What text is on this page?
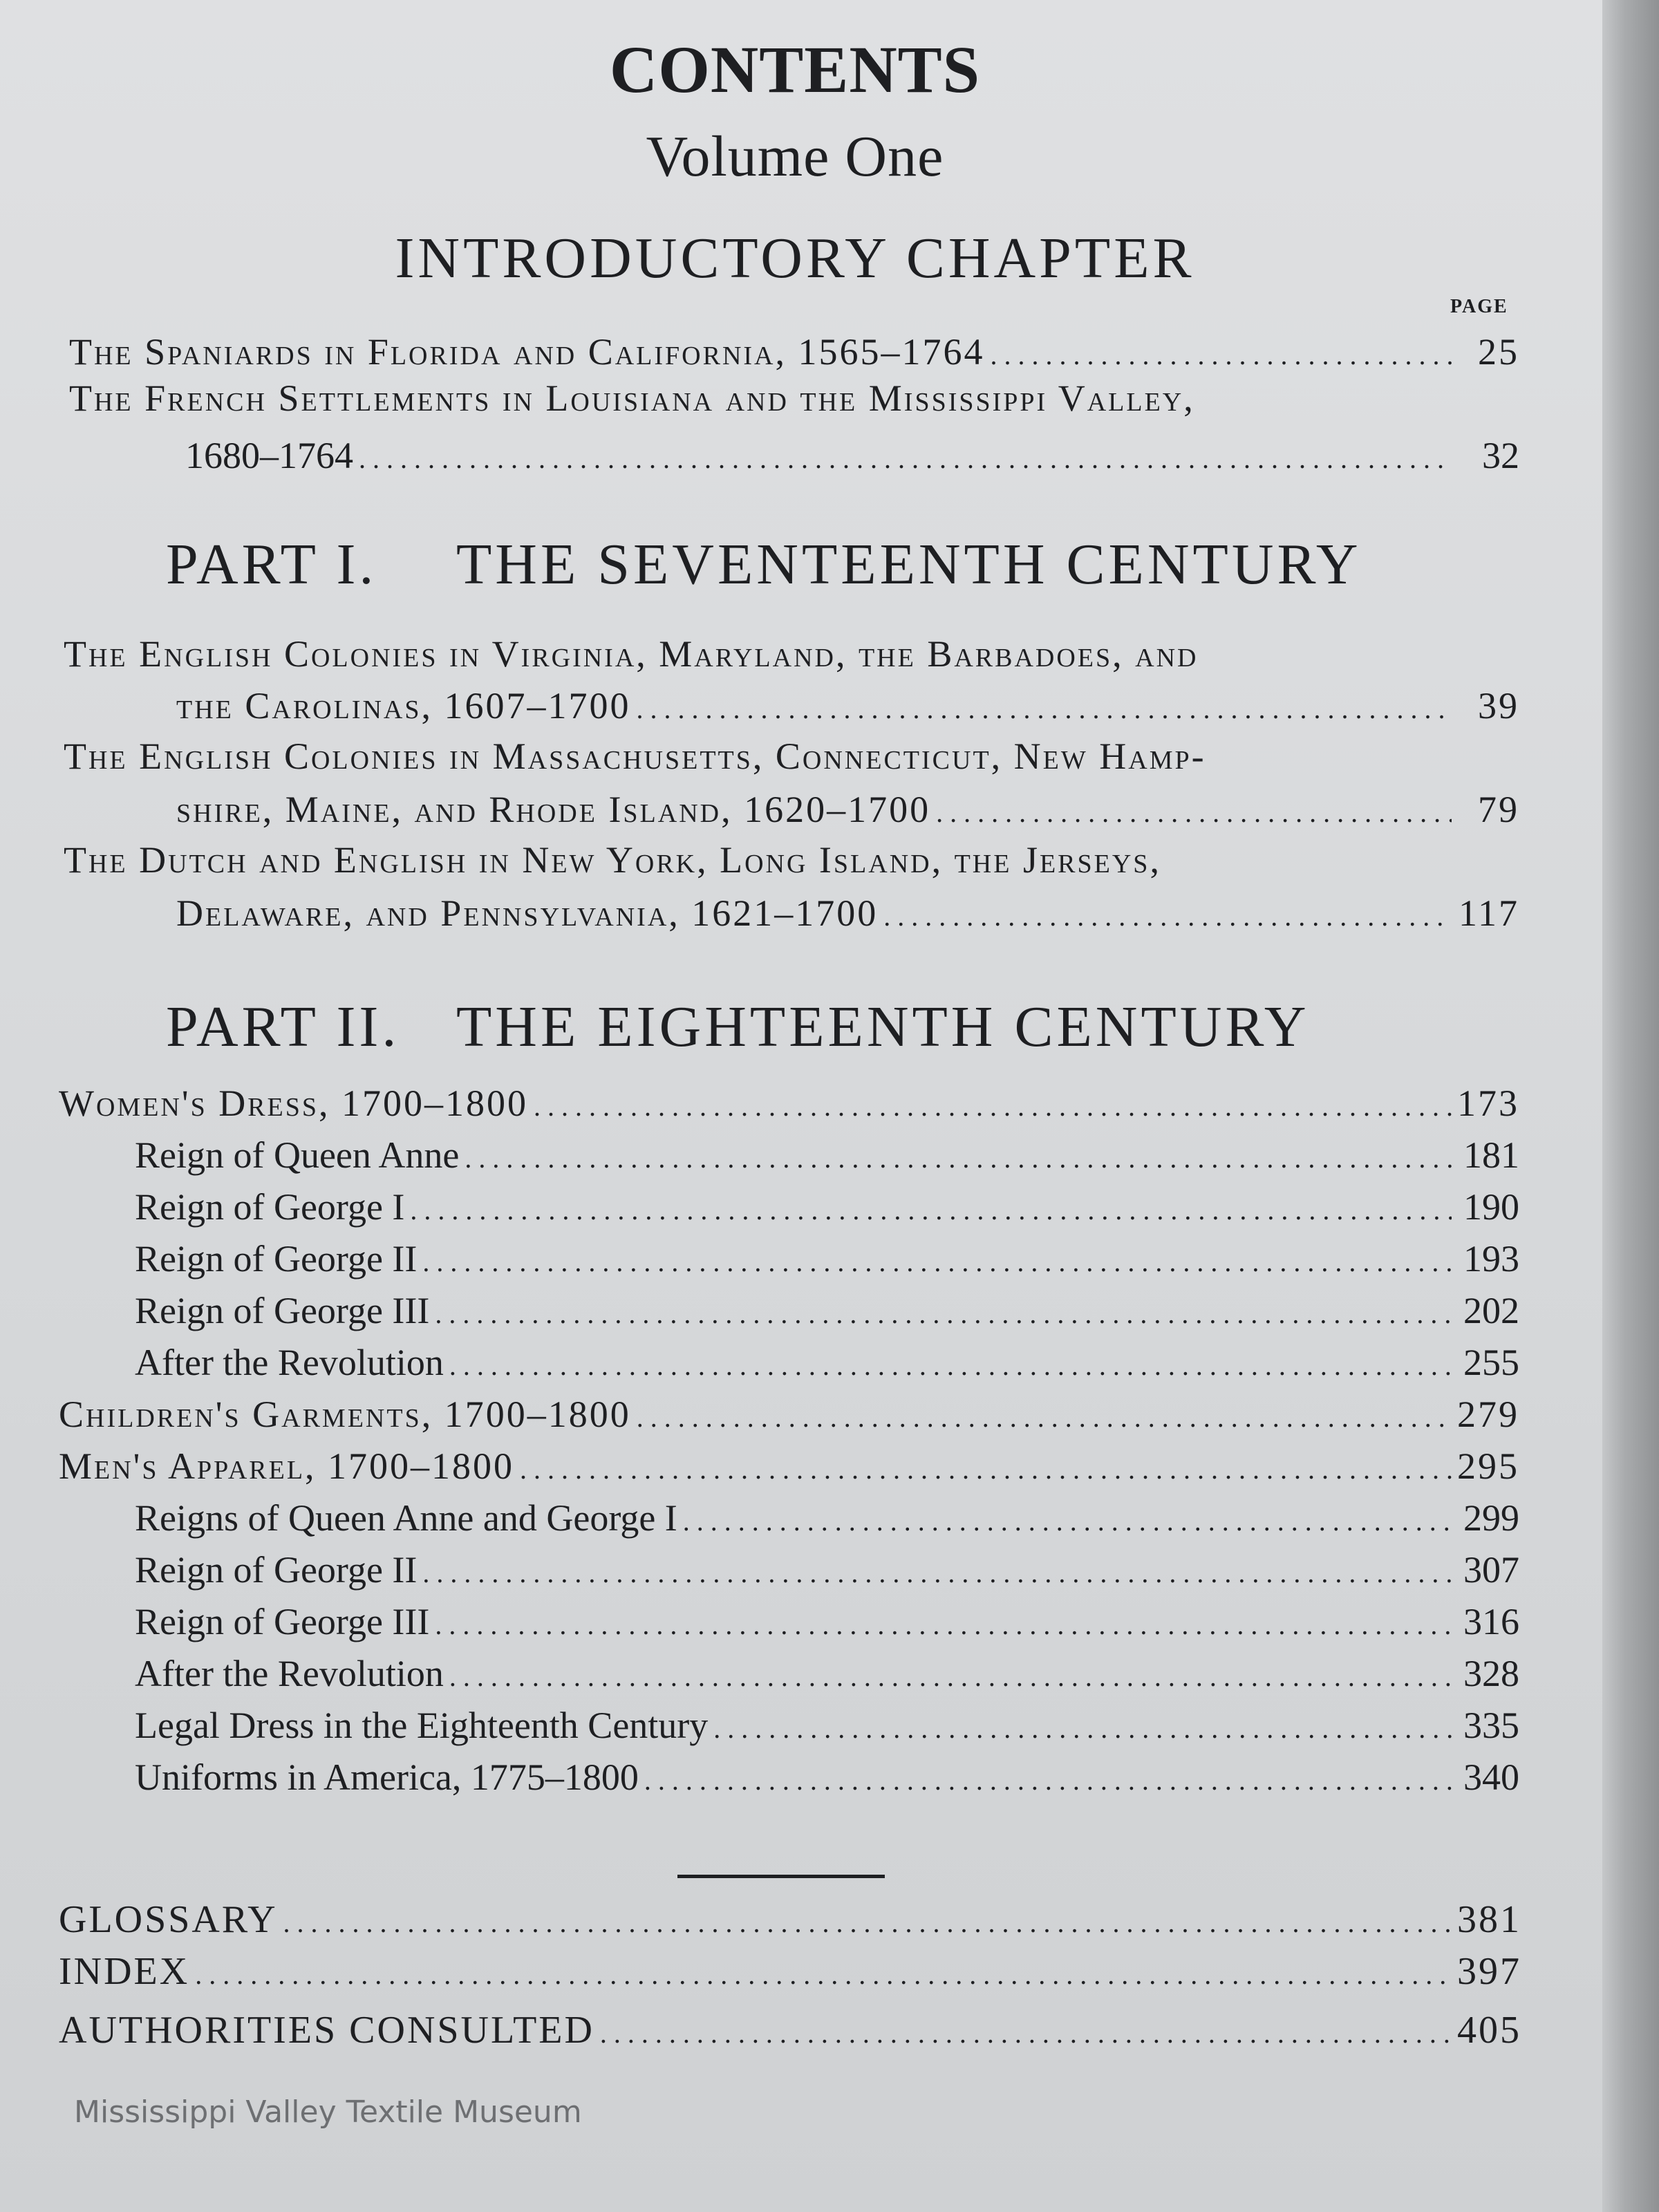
CONTENTS
Volume One
INTRODUCTORY CHAPTER
PAGE
The Spaniards in Florida and California, 1565–1764 .....	25
The French Settlements in Louisiana and the Mississippi Valley,
1680–1764 .....	32
PART I. THE SEVENTEENTH CENTURY
The English Colonies in Virginia, Maryland, the Barbadoes, and
the Carolinas, 1607–1700 .....	39
The English Colonies in Massachusetts, Connecticut, New Hamp-
shire, Maine, and Rhode Island, 1620–1700 .....	79
The Dutch and English in New York, Long Island, the Jerseys,
Delaware, and Pennsylvania, 1621–1700 .....	117
PART II. THE EIGHTEENTH CENTURY
Women's Dress, 1700–1800 .....	173
Reign of Queen Anne .....	181
Reign of George I .....	190
Reign of George II .....	193
Reign of George III .....	202
After the Revolution .....	255
Children's Garments, 1700–1800 .....	279
Men's Apparel, 1700–1800 .....	295
Reigns of Queen Anne and George I .....	299
Reign of George II .....	307
Reign of George III .....	316
After the Revolution .....	328
Legal Dress in the Eighteenth Century .....	335
Uniforms in America, 1775–1800 .....	340
GLOSSARY .....	381
INDEX .....	397
AUTHORITIES CONSULTED .....	405
Mississippi Valley Textile Museum
